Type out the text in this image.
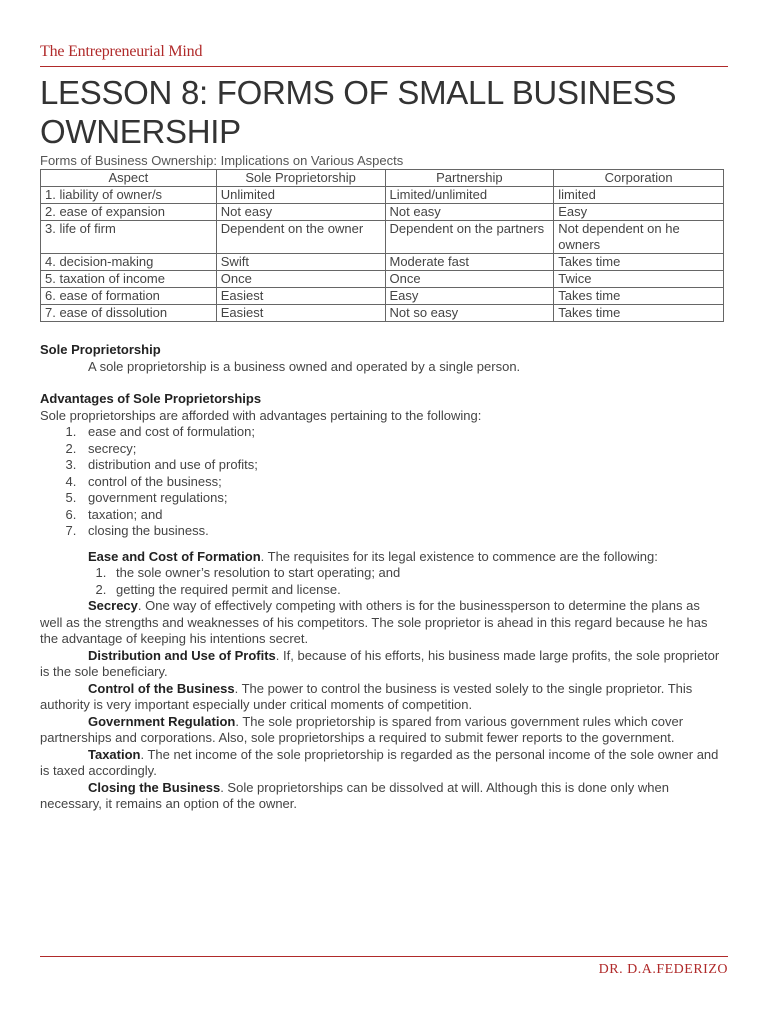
The Entrepreneurial Mind
LESSON 8: FORMS OF SMALL BUSINESS OWNERSHIP
Forms of Business Ownership: Implications on Various Aspects
Aspect	Sole Proprietorship	Partnership	Corporation
1. liability of owner/s	Unlimited	Limited/unlimited	limited
2. ease of expansion	Not easy	Not easy	Easy
3. life of firm	Dependent on the owner	Dependent on the partners	Not dependent on he owners
4. decision-making	Swift	Moderate fast	Takes time
5. taxation of income	Once	Once	Twice
6. ease of formation	Easiest	Easy	Takes time
7. ease of dissolution	Easiest	Not so easy	Takes time
Sole Proprietorship

A sole proprietorship is a business owned and operated by a single person.

Advantages of Sole Proprietorships
Sole proprietorships are afforded with advantages pertaining to the following:
1. ease and cost of formulation;
2. secrecy;
3. distribution and use of profits;
4. control of the business;
5. government regulations;
6. taxation; and
7. closing the business.

Ease and Cost of Formation. The requisites for its legal existence to commence are the following:

1. the sole owner’s resolution to start operating; and
2. getting the required permit and license.

Secrecy. One way of effectively competing with others is for the businessperson to determine the plans as well as the strengths and weaknesses of his competitors. The sole proprietor is ahead in this regard because he has the advantage of keeping his intentions secret.

Distribution and Use of Profits. If, because of his efforts, his business made large profits, the sole proprietor is the sole beneficiary.

Control of the Business. The power to control the business is vested solely to the single proprietor. This authority is very important especially under critical moments of competition.

Government Regulation. The sole proprietorship is spared from various government rules which cover partnerships and corporations. Also, sole proprietorships a required to submit fewer reports to the government.

Taxation. The net income of the sole proprietorship is regarded as the personal income of the sole owner and is taxed accordingly.

Closing the Business. Sole proprietorships can be dissolved at will. Although this is done only when necessary, it remains an option of the owner.

DR. D.A.FEDERIZO
